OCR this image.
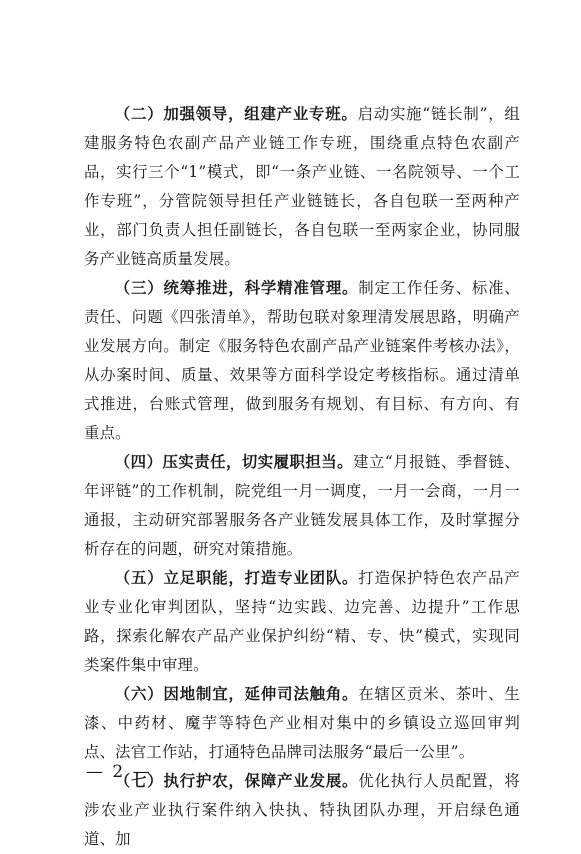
（二）加强领导，组建产业专班。启动实施“链长制”，组建服务特色农副产品产业链工作专班，围绕重点特色农副产品，实行三个“1”模式，即“一条产业链、一名院领导、一个工作专班”，分管院领导担任产业链链长，各自包联一至两种产业，部门负责人担任副链长，各自包联一至两家企业，协同服务产业链高质量发展。

（三）统筹推进，科学精准管理。制定工作任务、标准、责任、问题《四张清单》，帮助包联对象理清发展思路，明确产业发展方向。制定《服务特色农副产品产业链案件考核办法》，从办案时间、质量、效果等方面科学设定考核指标。通过清单式推进，台账式管理，做到服务有规划、有目标、有方向、有重点。

（四）压实责任，切实履职担当。建立“月报链、季督链、年评链”的工作机制，院党组一月一调度，一月一会商，一月一通报，主动研究部署服务各产业链发展具体工作，及时掌握分析存在的问题，研究对策措施。

（五）立足职能，打造专业团队。打造保护特色农产品产业专业化审判团队，坚持“边实践、边完善、边提升”工作思路，探索化解农产品产业保护纠纷“精、专、快”模式，实现同类案件集中审理。

（六）因地制宜，延伸司法触角。在辖区贡米、茶叶、生漆、中药材、魔芋等特色产业相对集中的乡镇设立巡回审判点、法官工作站，打通特色品牌司法服务“最后一公里”。

（七）执行护农，保障产业发展。优化执行人员配置，将涉农业产业执行案件纳入快执、特执团队办理，开启绿色通道、加

— 2 —
